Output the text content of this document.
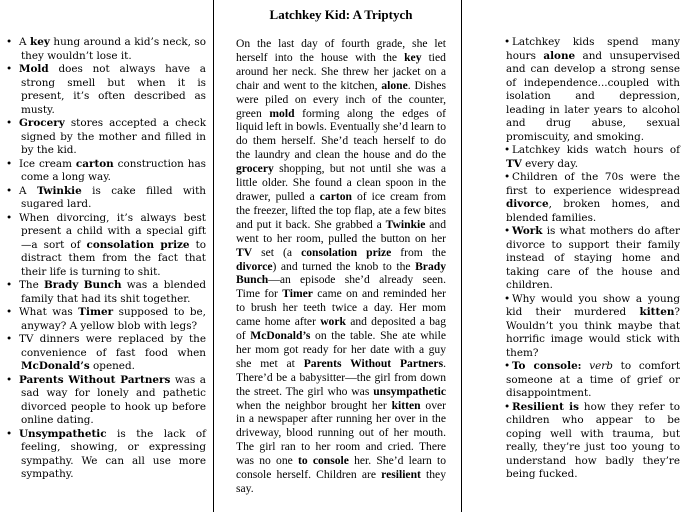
• A key hung around a kid’s neck, so they wouldn’t lose it.
• Mold does not always have a strong smell but when it is present, it’s often described as musty.
• Grocery stores accepted a check signed by the mother and filled in by the kid.
• Ice cream carton construction has come a long way.
• A Twinkie is cake filled with sugared lard.
• When divorcing, it’s always best present a child with a special gift—a sort of consolation prize to distract them from the fact that their life is turning to shit.
• The Brady Bunch was a blended family that had its shit together.
• What was Timer supposed to be, anyway? A yellow blob with legs?
• TV dinners were replaced by the convenience of fast food when McDonald’s opened.
• Parents Without Partners was a sad way for lonely and pathetic divorced people to hook up before online dating.
• Unsympathetic is the lack of feeling, showing, or expressing sympathy. We can all use more sympathy.
Latchkey Kid: A Triptych

On the last day of fourth grade, she let herself into the house with the key tied around her neck. She threw her jacket on a chair and went to the kitchen, alone. Dishes were piled on every inch of the counter, green mold forming along the edges of liquid left in bowls. Eventually she’d learn to do them herself. She’d teach herself to do the laundry and clean the house and do the grocery shopping, but not until she was a little older. She found a clean spoon in the drawer, pulled a carton of ice cream from the freezer, lifted the top flap, ate a few bites and put it back. She grabbed a Twinkie and went to her room, pulled the button on her TV set (a consolation prize from the divorce) and turned the knob to the Brady Bunch—an episode she’d already seen. Time for Timer came on and reminded her to brush her teeth twice a day. Her mom came home after work and deposited a bag of McDonald’s on the table. She ate while her mom got ready for her date with a guy she met at Parents Without Partners. There’d be a babysitter—the girl from down the street. The girl who was unsympathetic when the neighbor brought her kitten over in a newspaper after running her over in the driveway, blood running out of her mouth. The girl ran to her room and cried. There was no one to console her. She’d learn to console herself. Children are resilient they say.

• Latchkey kids spend many hours alone and unsupervised and can develop a strong sense of independence...coupled with isolation and depression, leading in later years to alcohol and drug abuse, sexual promiscuity, and smoking.
• Latchkey kids watch hours of TV every day.
• Children of the 70s were the first to experience widespread divorce, broken homes, and blended families.
• Work is what mothers do after divorce to support their family instead of staying home and taking care of the house and children.
• Why would you show a young kid their murdered kitten? Wouldn’t you think maybe that horrific image would stick with them?
• To console: verb to comfort someone at a time of grief or disappointment.
• Resilient is how they refer to children who appear to be coping well with trauma, but really, they’re just too young to understand how badly they’re being fucked.
